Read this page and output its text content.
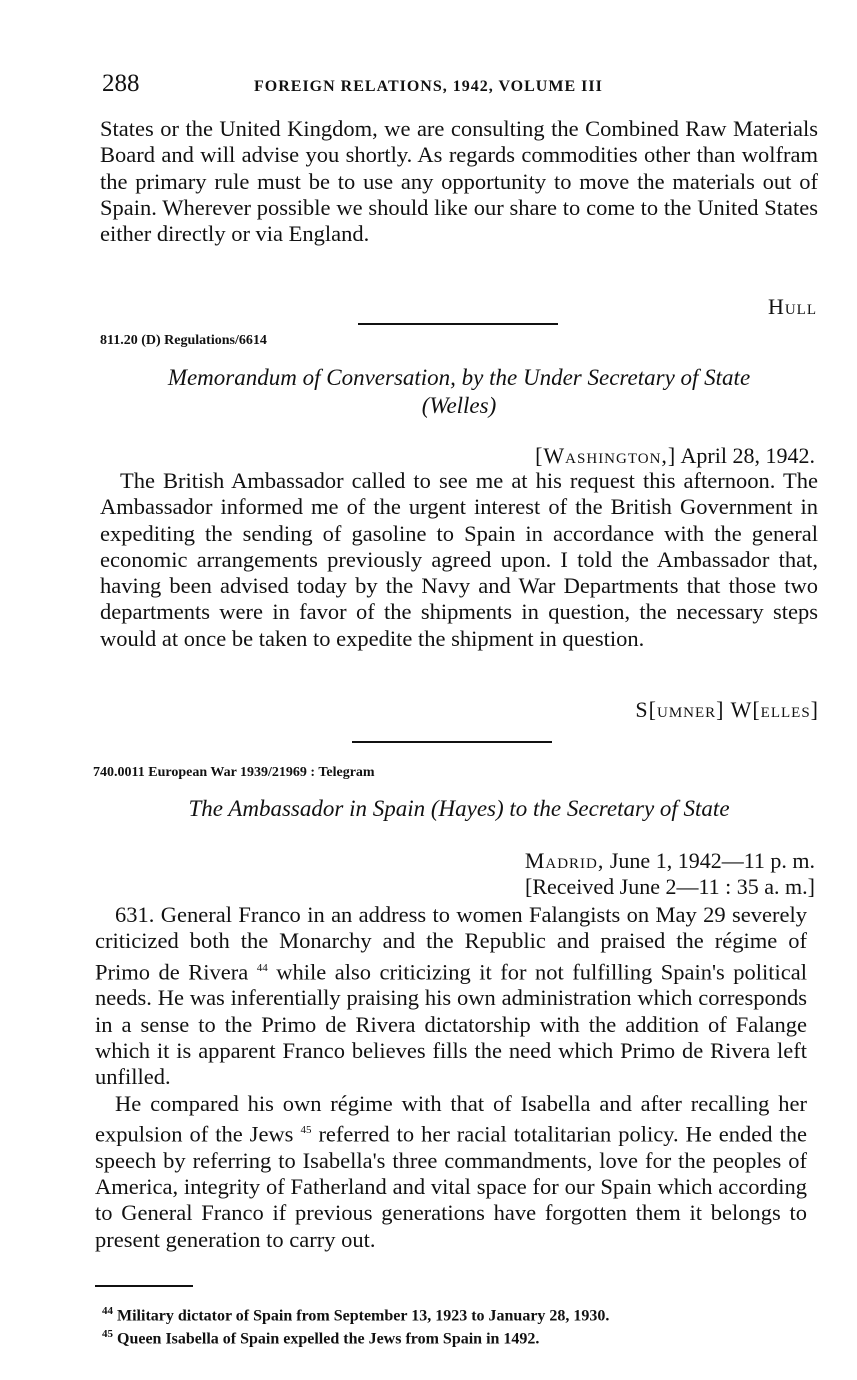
288	FOREIGN RELATIONS, 1942, VOLUME III

States or the United Kingdom, we are consulting the Combined Raw Materials Board and will advise you shortly. As regards commodities other than wolfram the primary rule must be to use any opportunity to move the materials out of Spain. Wherever possible we should like our share to come to the United States either directly or via England.

Hull
811.20 (D) Regulations/6614
Memorandum of Conversation, by the Under Secretary of State
(Welles)
[Washington,] April 28, 1942.

The British Ambassador called to see me at his request this afternoon. The Ambassador informed me of the urgent interest of the British Government in expediting the sending of gasoline to Spain in accordance with the general economic arrangements previously agreed upon. I told the Ambassador that, having been advised today by the Navy and War Departments that those two departments were in favor of the shipments in question, the necessary steps would at once be taken to expedite the shipment in question.

S[umner] W[elles]
740.0011 European War 1939/21969 : Telegram
The Ambassador in Spain (Hayes) to the Secretary of State
Madrid, June 1, 1942—11 p. m.
[Received June 2—11 : 35 a. m.]

631. General Franco in an address to women Falangists on May 29 severely criticized both the Monarchy and the Republic and praised the régime of Primo de Rivera $^{44}$ while also criticizing it for not fulfilling Spain's political needs. He was inferentially praising his own administration which corresponds in a sense to the Primo de Rivera dictatorship with the addition of Falange which it is apparent Franco believes fills the need which Primo de Rivera left unfilled.

He compared his own régime with that of Isabella and after recalling her expulsion of the Jews $^{45}$ referred to her racial totalitarian policy. He ended the speech by referring to Isabella's three commandments, love for the peoples of America, integrity of Fatherland and vital space for our Spain which according to General Franco if previous generations have forgotten them it belongs to present generation to carry out.

$^{44}$ Military dictator of Spain from September 13, 1923 to January 28, 1930.
$^{45}$ Queen Isabella of Spain expelled the Jews from Spain in 1492.
